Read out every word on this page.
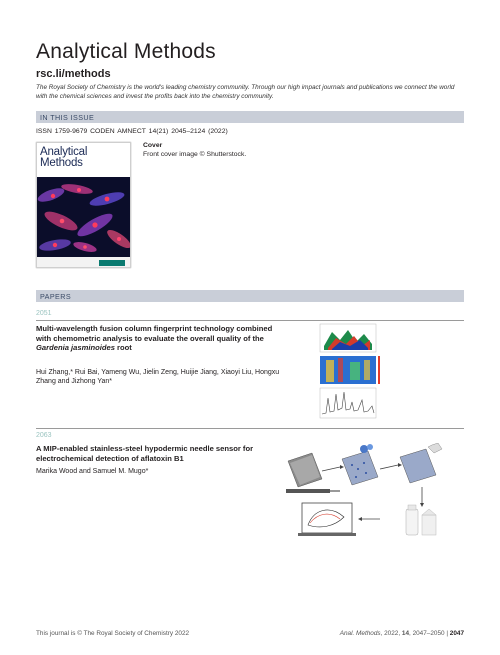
Analytical Methods
rsc.li/methods
The Royal Society of Chemistry is the world's leading chemistry community. Through our high impact journals and publications we connect the world with the chemical sciences and invest the profits back into the chemistry community.
IN THIS ISSUE
ISSN 1759-9679 CODEN AMNECT 14(21) 2045–2124 (2022)
Analytical
Methods
Cover
Front cover image © Shutterstock.
PAPERS
2051
Multi-wavelength fusion column fingerprint technology combined with chemometric analysis to evaluate the overall quality of the Gardenia jasminoides root
Hui Zhang,* Rui Bai, Yameng Wu, Jielin Zeng, Huijie Jiang, Xiaoyi Liu, Hongxu Zhang and Jizhong Yan*
2063
A MIP-enabled stainless-steel hypodermic needle sensor for electrochemical detection of aflatoxin B1
Marika Wood and Samuel M. Mugo*
This journal is © The Royal Society of Chemistry 2022	Anal. Methods, 2022, 14, 2047–2050 | 2047
